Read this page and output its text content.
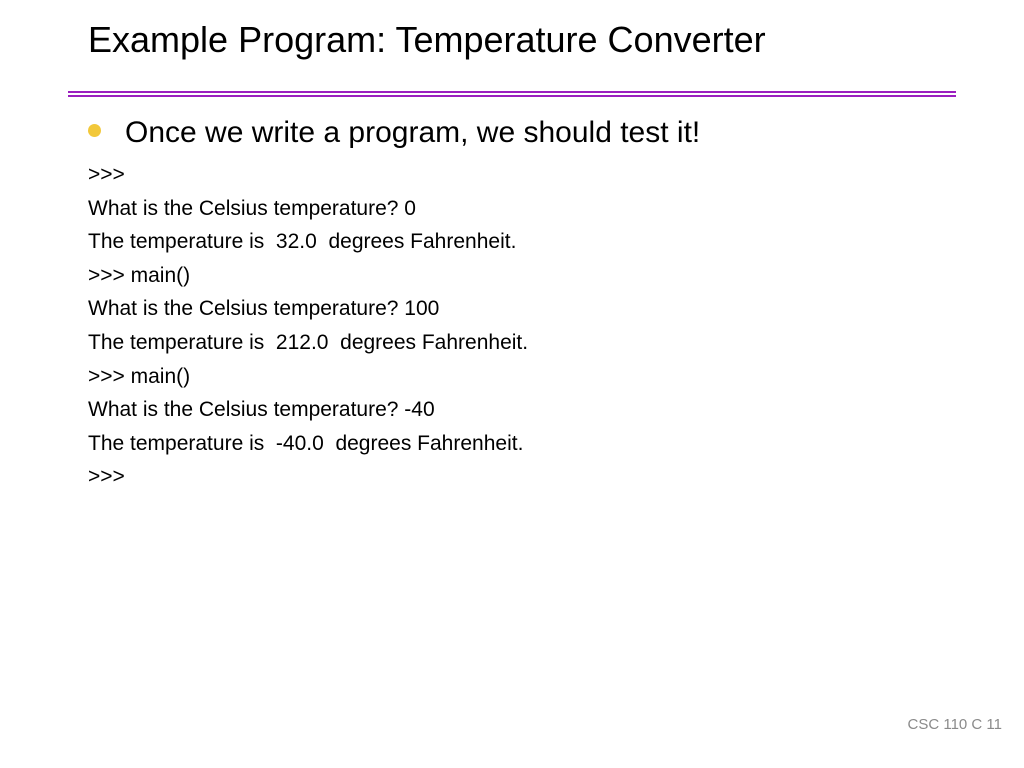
Example Program: Temperature Converter
Once we write a program, we should test it!
>>>
What is the Celsius temperature? 0
The temperature is  32.0  degrees Fahrenheit.
>>> main()
What is the Celsius temperature? 100
The temperature is  212.0  degrees Fahrenheit.
>>> main()
What is the Celsius temperature? -40
The temperature is  -40.0  degrees Fahrenheit.
>>>
CSC 110 C 11
